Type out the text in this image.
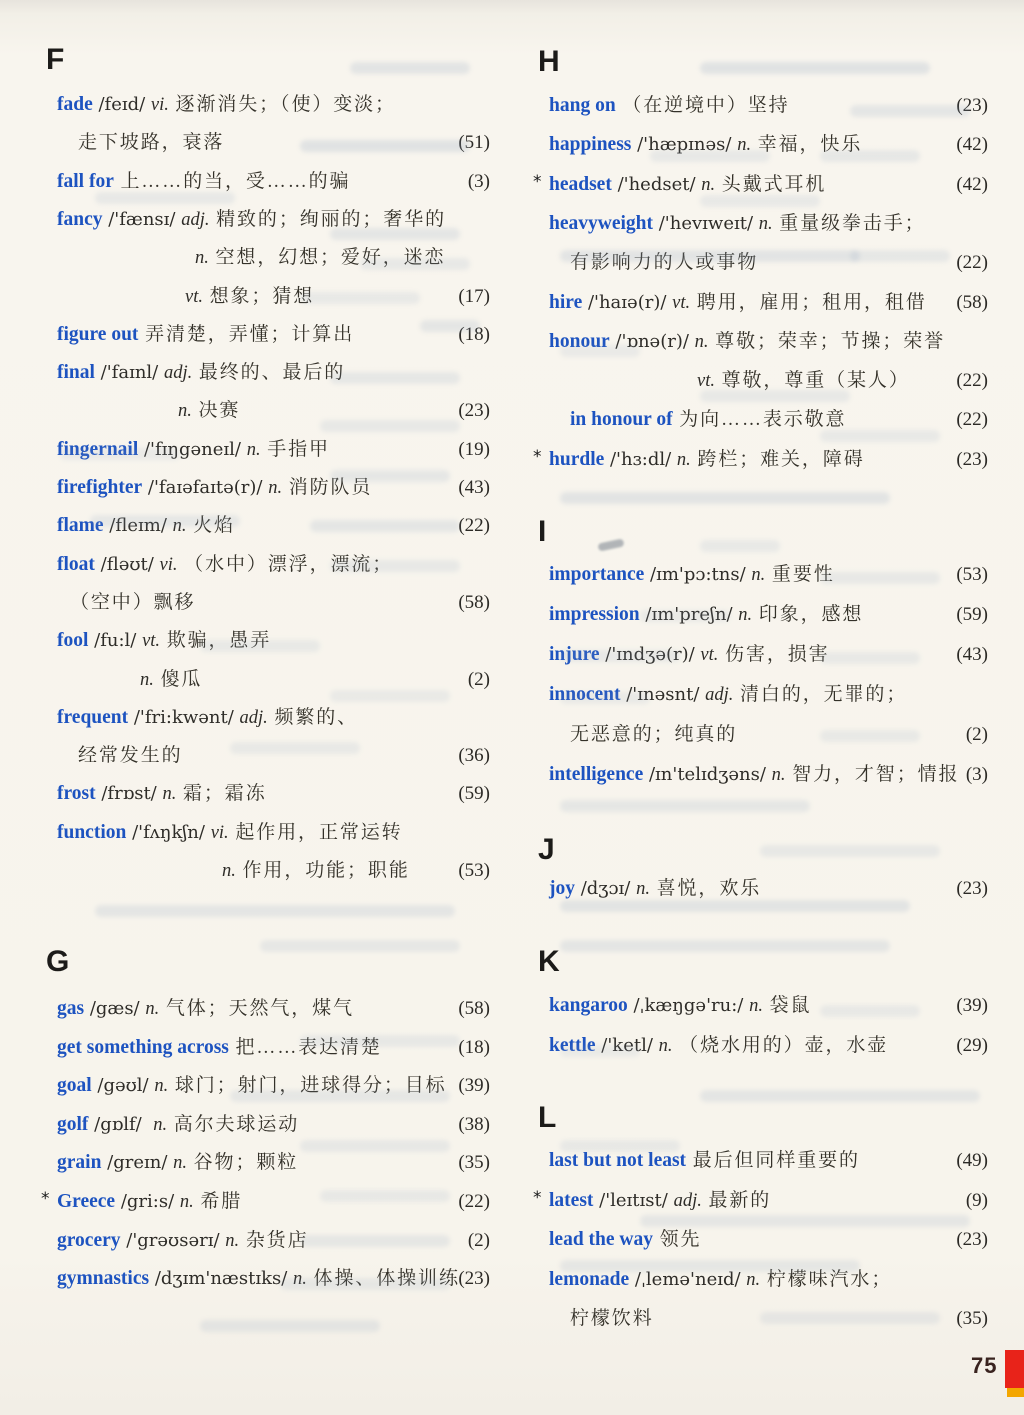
F
fade /feɪd/ vi. 逐渐消失；（使）变淡；
走下坡路，衰落	(51)
fall for 上……的当，受……的骗	(3)
fancy /'fænsɪ/ adj. 精致的；绚丽的；奢华的
n. 空想，幻想；爱好，迷恋
vt. 想象；猜想	(17)
figure out 弄清楚，弄懂；计算出	(18)
final /'faɪnl/ adj. 最终的、最后的
n. 决赛	(23)
fingernail /'fɪŋgəneɪl/ n. 手指甲	(19)
firefighter /'faɪəfaɪtə(r)/ n. 消防队员	(43)
flame /fleɪm/ n. 火焰	(22)
float /fləʊt/ vi. （水中）漂浮，漂流；
（空中）飘移	(58)
fool /fu:l/ vt. 欺骗，愚弄
n. 傻瓜	(2)
frequent /'fri:kwənt/ adj. 频繁的、
经常发生的	(36)
frost /frɒst/ n. 霜；霜冻	(59)
function /'fʌŋkʃn/ vi. 起作用，正常运转
n. 作用，功能；职能	(53)
G
gas /gæs/ n. 气体；天然气，煤气	(58)
get something across 把……表达清楚	(18)
goal /gəʊl/ n. 球门；射门，进球得分；目标 (39)
golf /gɒlf/  n. 高尔夫球运动	(38)
grain /greɪn/ n. 谷物；颗粒	(35)
* Greece /gri:s/ n. 希腊	(22)
grocery /'grəʊsərɪ/ n. 杂货店	(2)
gymnastics /dʒɪm'næstɪks/ n. 体操、体操训练
(23)
H
hang on （在逆境中）坚持	(23)
happiness /'hæpɪnəs/ n. 幸福，快乐	(42)
* headset /'hedset/ n. 头戴式耳机	(42)
heavyweight /'hevɪweɪt/ n. 重量级拳击手；
有影响力的人或事物	(22)
hire /'haɪə(r)/ vt. 聘用，雇用；租用，租借 (58)
honour /'ɒnə(r)/ n. 尊敬；荣幸；节操；荣誉
vt. 尊敬，尊重（某人） (22)
in honour of 为向……表示敬意	(22)
* hurdle /'hɜ:dl/ n. 跨栏；难关，障碍	(23)
I
importance /ɪm'pɔ:tns/ n. 重要性	(53)
impression /ɪm'preʃn/ n. 印象，感想	(59)
injure /'ɪndʒə(r)/ vt. 伤害，损害	(43)
innocent /'ɪnəsnt/ adj. 清白的，无罪的；
无恶意的；纯真的	(2)
intelligence /ɪn'telɪdʒəns/ n. 智力，才智；情报 (3)
J
joy /dʒɔɪ/ n. 喜悦，欢乐	(23)
K
kangaroo /ˌkæŋgə'ru:/ n. 袋鼠	(39)
kettle /'ketl/ n. （烧水用的）壶，水壶	(29)
L
last but not least 最后但同样重要的	(49)
* latest /'leɪtɪst/ adj. 最新的	(9)
lead the way 领先	(23)
lemonade /ˌlemə'neɪd/ n. 柠檬味汽水；
柠檬饮料	(35)
75
